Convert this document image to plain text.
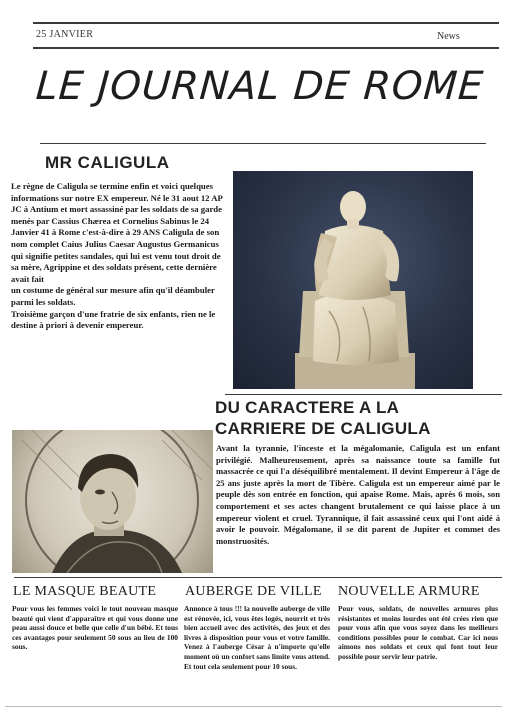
25 JANVIER	News
LE JOURNAL DE ROME
MR CALIGULA
Le règne de Caligula se termine enfin et voici quelques informations sur notre EX empereur. Né le 31 aout 12 AP JC à Antium et mort assassiné par les soldats de sa garde menés par Cassius Chærea et Cornelius Sabinus le 24 Janvier 41 à Rome c'est-à-dire à 29 ANS Caligula de son nom complet Caius Julius Caesar Augustus Germanicus qui signifie petites sandales, qui lui est venu tout droit de sa mère, Agrippine et des soldats présent, cette dernière avait fait
un costume de général sur mesure afin qu'il déambuler parmi les soldats.
Troisième garçon d'une fratrie de six enfants, rien ne le destine à priori à devenir empereur.
DU CARACTERE A LA
CARRIERE DE CALIGULA
Avant la tyrannie, l'inceste et la mégalomanie, Caligula est un enfant privilégié. Malheureusement, après sa naissance toute sa famille fut massacrée ce qui l'a déséquilibré mentalement. Il devint Empereur à l'âge de 25 ans juste après la mort de Tibère. Caligula est un empereur aimé par le peuple dès son entrée en fonction, qui apaise Rome. Mais, après 6 mois, son comportement et ses actes changent brutalement ce qui laisse place à un empereur violent et cruel. Tyrannique, il fait assassiné ceux qui l'ont aidé à avoir le pouvoir. Mégalomane, il se dit parent de Jupiter et commet des monstruosités.
LE MASQUE BEAUTE
Pour vous les femmes voici le tout nouveau masque beauté qui vient d'apparaître et qui vous donne une peau aussi douce et belle que celle d'un bébé. Et tous ces avantages pour seulement 50 sous au lieu de 100 sous.
AUBERGE DE VILLE
Annonce à tous !!! la nouvelle auberge de ville est rénovée, ici, vous êtes logés, nourrit et très bien accueil avec des activités, des jeux et des livres à disposition pour vous et votre famille. Venez à l'auberge César à n'importe qu'elle moment où un confort sans limite vous attend. Et tout cela seulement pour 10 sous.
NOUVELLE ARMURE
Pour vous, soldats, de nouvelles armures plus résistantes et moins lourdes ont été crées rien que pour vous afin que vous soyez dans les meilleurs conditions possibles pour le combat. Car ici nous aimons nos soldats et ceux qui font tout leur possible pour servir leur patrie.
